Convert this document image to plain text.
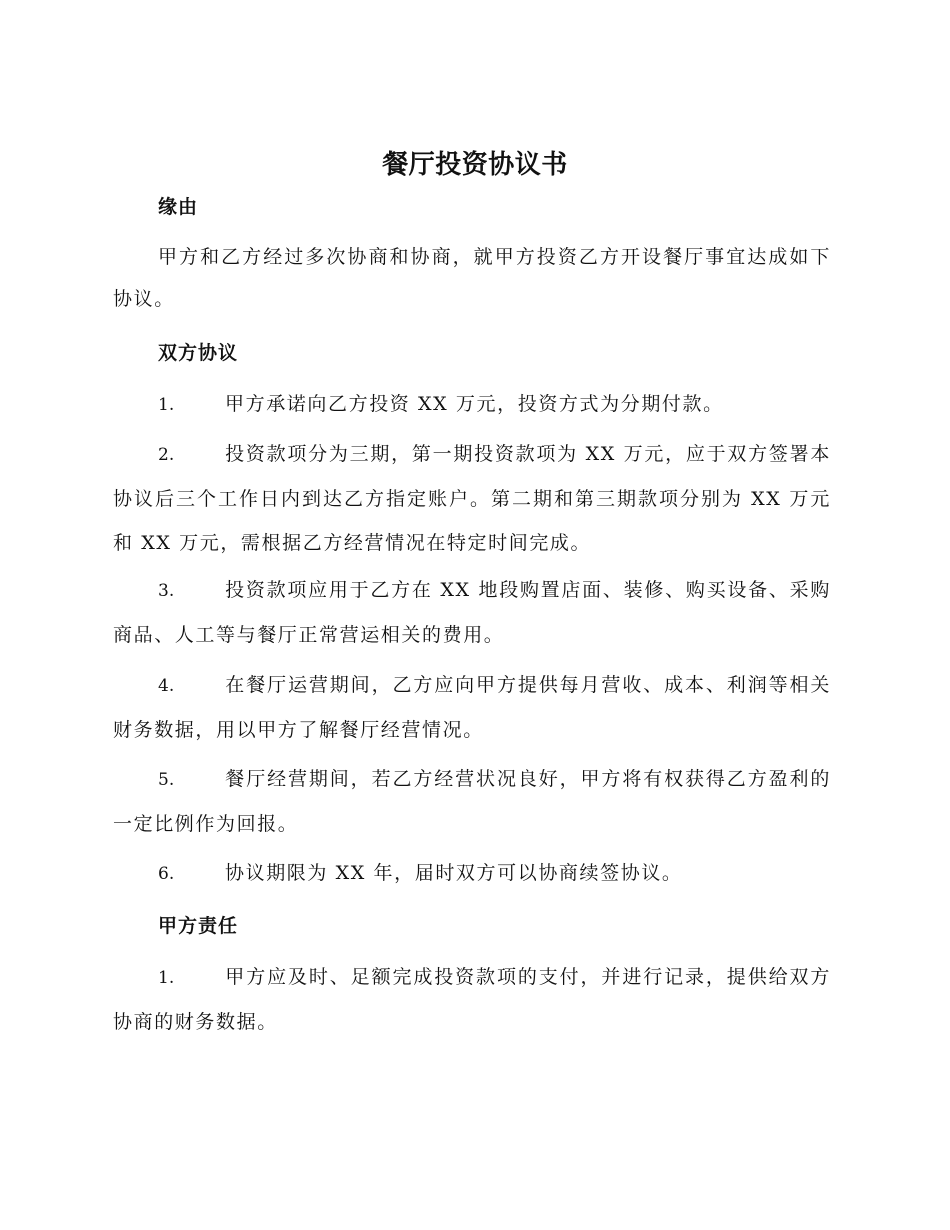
餐厅投资协议书
缘由

甲方和乙方经过多次协商和协商，就甲方投资乙方开设餐厅事宜达成如下协议。

双方协议

1.	甲方承诺向乙方投资 XX 万元，投资方式为分期付款。

2.	投资款项分为三期，第一期投资款项为 XX 万元，应于双方签署本协议后三个工作日内到达乙方指定账户。第二期和第三期款项分别为 XX 万元 和 XX 万元，需根据乙方经营情况在特定时间完成。

3.	投资款项应用于乙方在 XX 地段购置店面、装修、购买设备、采购商品、人工等与餐厅正常营运相关的费用。

4.	在餐厅运营期间，乙方应向甲方提供每月营收、成本、利润等相关财务数据，用以甲方了解餐厅经营情况。

5.	餐厅经营期间，若乙方经营状况良好，甲方将有权获得乙方盈利的一定比例作为回报。

6.	协议期限为 XX 年，届时双方可以协商续签协议。

甲方责任

1.	甲方应及时、足额完成投资款项的支付，并进行记录，提供给双方协商的财务数据。
